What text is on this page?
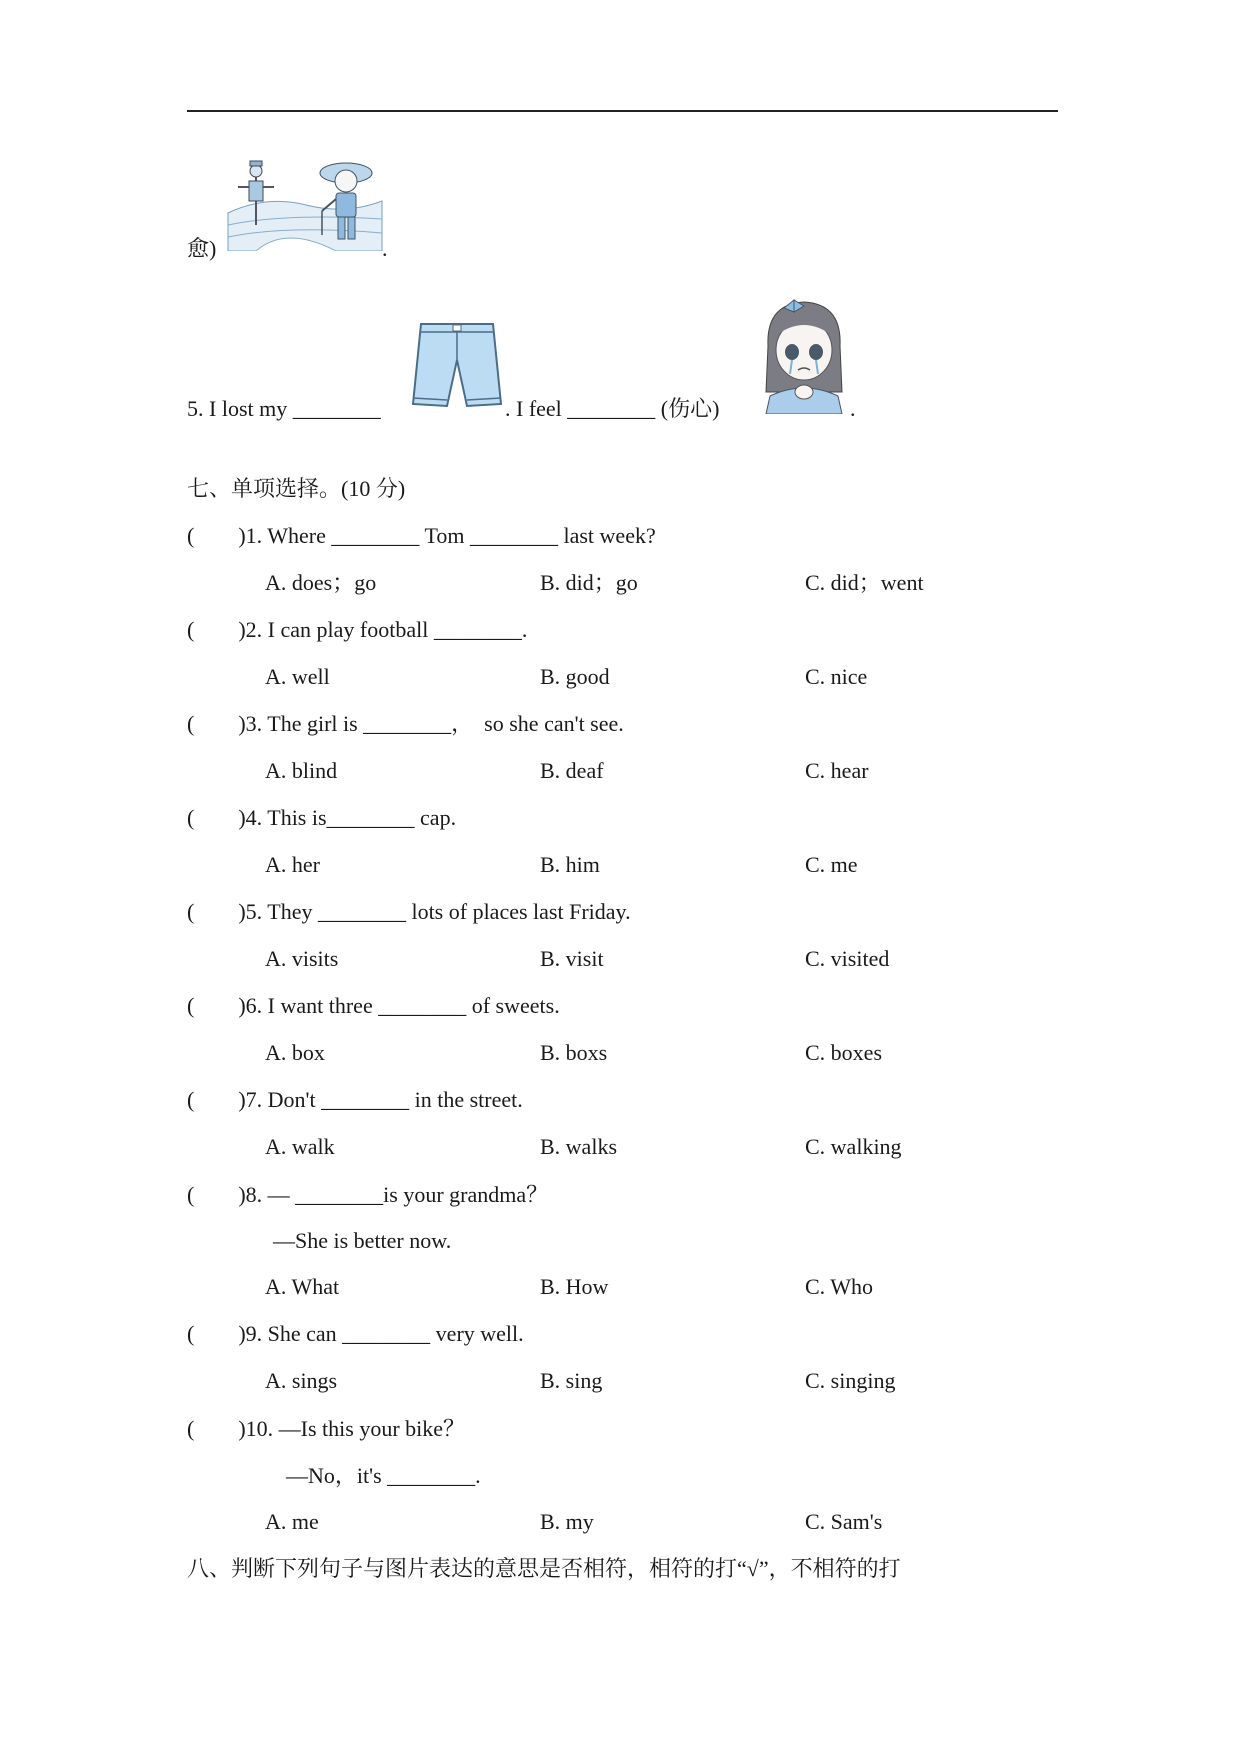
愈)	.
5. I lost my ________	. I feel ________ (伤心)	.
七、单项选择。(10 分)
(　　)1. Where ________ Tom ________ last week?
A. does；go	B. did；go	C. did；went
(　　)2. I can play football ________.
A. well	B. good	C. nice
(　　)3. The girl is ________，  so she can't see.
A. blind	B. deaf	C. hear
(　　)4. This is________ cap.
A. her	B. him	C. me
(　　)5. They ________ lots of places last Friday.
A. visits	B. visit	C. visited
(　　)6. I want three ________ of sweets.
A. box	B. boxs	C. boxes
(　　)7. Don't ________ in the street.
A. walk	B. walks	C. walking
(　　)8. — ________is your grandma？
—She is better now.
A. What	B. How	C. Who
(　　)9. She can ________ very well.
A. sings	B. sing	C. singing
(　　)10. —Is this your bike？
—No，it's ________.
A. me	B. my	C. Sam's
八、判断下列句子与图片表达的意思是否相符，相符的打“√”，不相符的打
